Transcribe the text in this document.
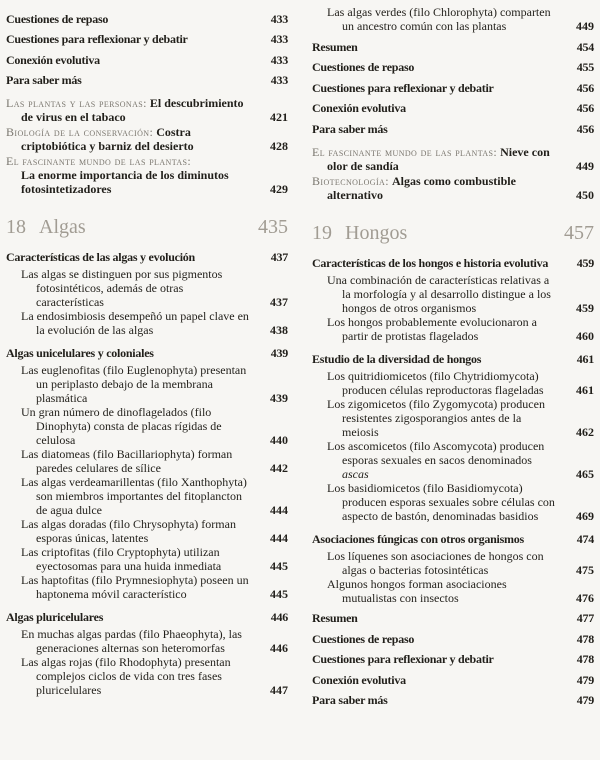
Cuestiones de repaso	433
Cuestiones para reflexionar y debatir	433
Conexión evolutiva	433
Para saber más	433
Las plantas y las personas: El descubrimiento de virus en el tabaco	421
Biología de la conservación: Costra criptobiótica y barniz del desierto	428
El fascinante mundo de las plantas:
La enorme importancia de los diminutos fotosintetizadores	429
18 Algas	435
Características de las algas y evolución	437
Las algas se distinguen por sus pigmentos fotosintéticos, además de otras características	437
La endosimbiosis desempeñó un papel clave en la evolución de las algas	438
Algas unicelulares y coloniales	439
Las euglenofitas (filo Euglenophyta) presentan un periplasto debajo de la membrana plasmática	439
Un gran número de dinoflagelados (filo Dinophyta) consta de placas rígidas de celulosa	440
Las diatomeas (filo Bacillariophyta) forman paredes celulares de sílice	442
Las algas verdeamarillentas (filo Xanthophyta) son miembros importantes del fitoplancton de agua dulce	444
Las algas doradas (filo Chrysophyta) forman esporas únicas, latentes	444
Las criptofitas (filo Cryptophyta) utilizan eyectosomas para una huida inmediata	445
Las haptofitas (filo Prymnesiophyta) poseen un haptonema móvil característico	445
Algas pluricelulares	446
En muchas algas pardas (filo Phaeophyta), las generaciones alternas son heteromorfas	446
Las algas rojas (filo Rhodophyta) presentan complejos ciclos de vida con tres fases pluricelulares	447
Las algas verdes (filo Chlorophyta) comparten un ancestro común con las plantas	449
Resumen	454
Cuestiones de repaso	455
Cuestiones para reflexionar y debatir	456
Conexión evolutiva	456
Para saber más	456
El fascinante mundo de las plantas: Nieve con olor de sandía	449
Biotecnología: Algas como combustible alternativo	450
19 Hongos	457
Características de los hongos e historia evolutiva	459
Una combinación de características relativas a la morfología y al desarrollo distingue a los hongos de otros organismos	459
Los hongos probablemente evolucionaron a partir de protistas flagelados	460
Estudio de la diversidad de hongos	461
Los quitridiomicetos (filo Chytridiomycota) producen células reproductoras flageladas	461
Los zigomicetos (filo Zygomycota) producen resistentes zigosporangios antes de la meiosis	462
Los ascomicetos (filo Ascomycota) producen esporas sexuales en sacos denominados ascas	465
Los basidiomicetos (filo Basidiomycota) producen esporas sexuales sobre células con aspecto de bastón, denominadas basidios	469
Asociaciones fúngicas con otros organismos	474
Los líquenes son asociaciones de hongos con algas o bacterias fotosintéticas	475
Algunos hongos forman asociaciones mutualistas con insectos	476
Resumen	477
Cuestiones de repaso	478
Cuestiones para reflexionar y debatir	478
Conexión evolutiva	479
Para saber más	479
